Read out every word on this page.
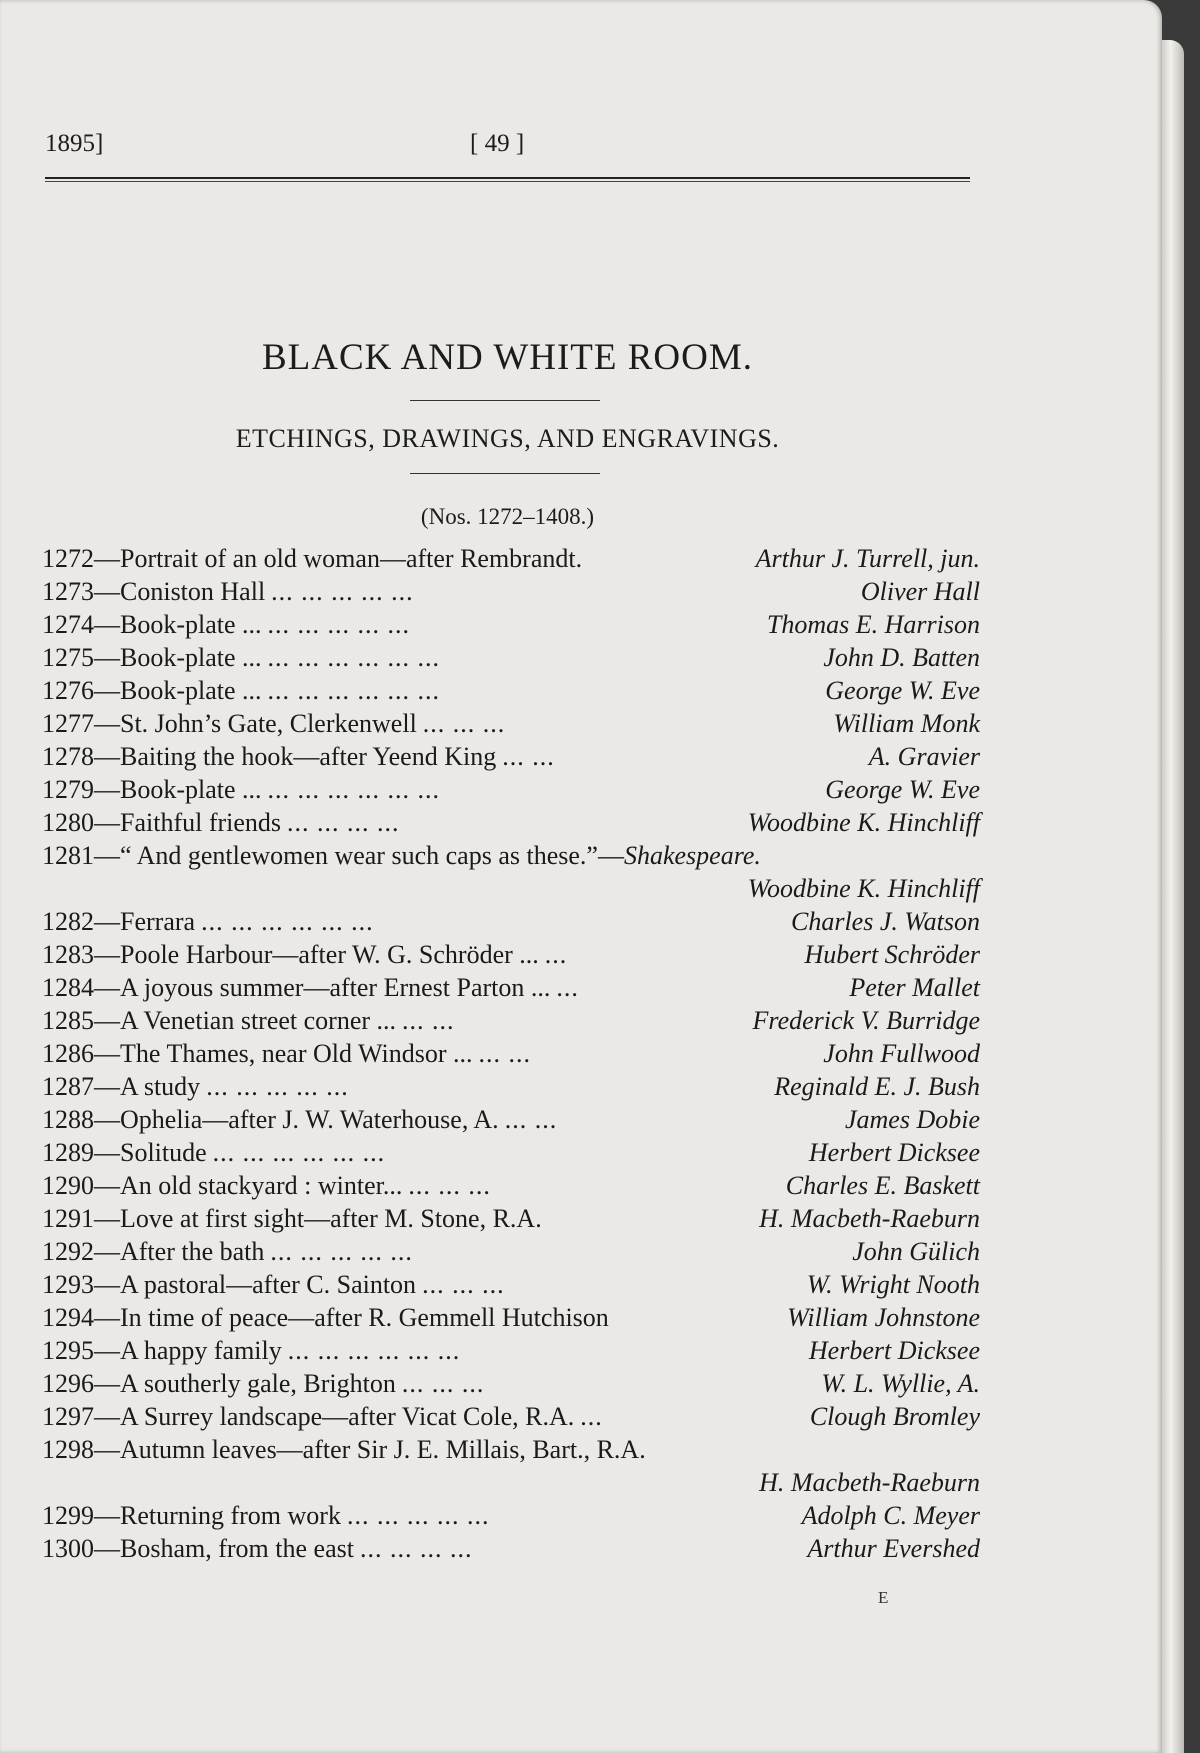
1895]	[ 49 ]
BLACK AND WHITE ROOM.
ETCHINGS, DRAWINGS, AND ENGRAVINGS.
(Nos. 1272–1408.)
1272—Portrait of an old woman—after Rembrandt.	Arthur J. Turrell, jun.
1273—Coniston Hall ... ... ... ... ...	Oliver Hall
1274—Book-plate ... ... ... ... ... ...	Thomas E. Harrison
1275—Book-plate ... ... ... ... ... ... ...	John D. Batten
1276—Book-plate ... ... ... ... ... ... ...	George W. Eve
1277—St. John’s Gate, Clerkenwell ... ... ...	William Monk
1278—Baiting the hook—after Yeend King ... ...	A. Gravier
1279—Book-plate ... ... ... ... ... ... ...	George W. Eve
1280—Faithful friends ... ... ... ...	Woodbine K. Hinchliff
1281—“ And gentlewomen wear such caps as these.”— Shakespeare.
Woodbine K. Hinchliff
1282—Ferrara ... ... ... ... ... ...	Charles J. Watson
1283—Poole Harbour—after W. G. Schröder ... ...	Hubert Schröder
1284—A joyous summer—after Ernest Parton ... ...	Peter Mallet
1285—A Venetian street corner ... ... ...	Frederick V. Burridge
1286—The Thames, near Old Windsor ... ... ...	John Fullwood
1287—A study ... ... ... ... ...	Reginald E. J. Bush
1288—Ophelia—after J. W. Waterhouse, A. ... ...	James Dobie
1289—Solitude ... ... ... ... ... ...	Herbert Dicksee
1290—An old stackyard : winter... ... ... ...	Charles E. Baskett
1291—Love at first sight—after M. Stone, R.A.	H. Macbeth-Raeburn
1292—After the bath ... ... ... ... ...	John Gülich
1293—A pastoral—after C. Sainton ... ... ...	W. Wright Nooth
1294—In time of peace—after R. Gemmell Hutchison	William Johnstone
1295—A happy family ... ... ... ... ... ...	Herbert Dicksee
1296—A southerly gale, Brighton ... ... ...	W. L. Wyllie, A.
1297—A Surrey landscape—after Vicat Cole, R.A. ...	Clough Bromley
1298—Autumn leaves—after Sir J. E. Millais, Bart., R.A.
H. Macbeth-Raeburn
1299—Returning from work ... ... ... ... ...	Adolph C. Meyer
1300—Bosham, from the east ... ... ... ...	Arthur Evershed
E
